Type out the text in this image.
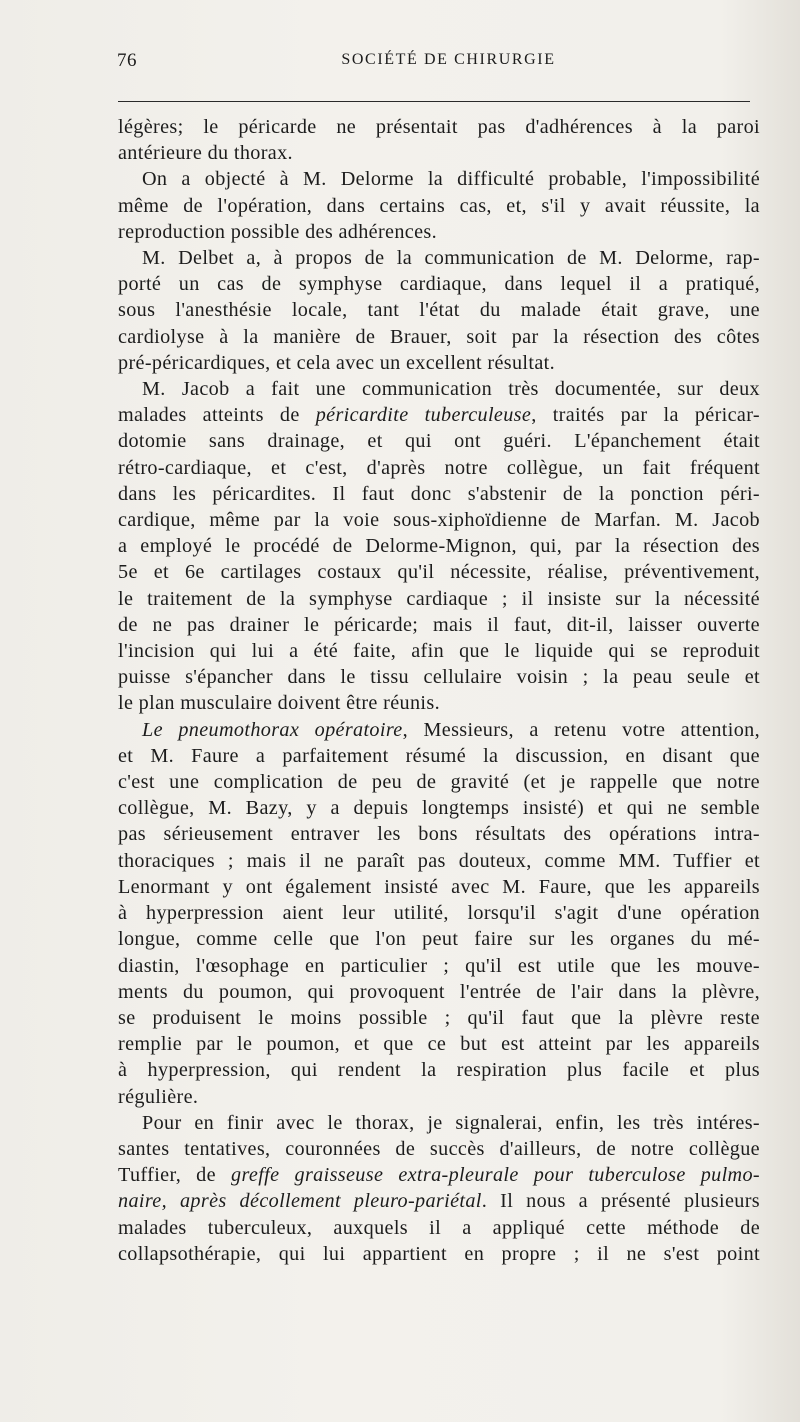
76	SOCIÉTÉ DE CHIRURGIE
légères; le péricarde ne présentait pas d'adhérences à la paroi
antérieure du thorax.
On a objecté à M. Delorme la difficulté probable, l'impossibilité
même de l'opération, dans certains cas, et, s'il y avait réussite, la
reproduction possible des adhérences.
M. Delbet a, à propos de la communication de M. Delorme, rap-
porté un cas de symphyse cardiaque, dans lequel il a pratiqué,
sous l'anesthésie locale, tant l'état du malade était grave, une
cardiolyse à la manière de Brauer, soit par la résection des côtes
pré-péricardiques, et cela avec un excellent résultat.
M. Jacob a fait une communication très documentée, sur deux
malades atteints de péricardite tuberculeuse, traités par la péricar-
dotomie sans drainage, et qui ont guéri. L'épanchement était
rétro-cardiaque, et c'est, d'après notre collègue, un fait fréquent
dans les péricardites. Il faut donc s'abstenir de la ponction péri-
cardique, même par la voie sous-xiphoïdienne de Marfan. M. Jacob
a employé le procédé de Delorme-Mignon, qui, par la résection des
5e et 6e cartilages costaux qu'il nécessite, réalise, préventivement,
le traitement de la symphyse cardiaque ; il insiste sur la nécessité
de ne pas drainer le péricarde; mais il faut, dit-il, laisser ouverte
l'incision qui lui a été faite, afin que le liquide qui se reproduit
puisse s'épancher dans le tissu cellulaire voisin ; la peau seule et
le plan musculaire doivent être réunis.
Le pneumothorax opératoire, Messieurs, a retenu votre attention,
et M. Faure a parfaitement résumé la discussion, en disant que
c'est une complication de peu de gravité (et je rappelle que notre
collègue, M. Bazy, y a depuis longtemps insisté) et qui ne semble
pas sérieusement entraver les bons résultats des opérations intra-
thoraciques ; mais il ne paraît pas douteux, comme MM. Tuffier et
Lenormant y ont également insisté avec M. Faure, que les appareils
à hyperpression aient leur utilité, lorsqu'il s'agit d'une opération
longue, comme celle que l'on peut faire sur les organes du mé-
diastin, l'œsophage en particulier ; qu'il est utile que les mouve-
ments du poumon, qui provoquent l'entrée de l'air dans la plèvre,
se produisent le moins possible ; qu'il faut que la plèvre reste
remplie par le poumon, et que ce but est atteint par les appareils
à hyperpression, qui rendent la respiration plus facile et plus
régulière.
Pour en finir avec le thorax, je signalerai, enfin, les très intéres-
santes tentatives, couronnées de succès d'ailleurs, de notre collègue
Tuffier, de greffe graisseuse extra-pleurale pour tuberculose pulmo-
naire, après décollement pleuro-pariétal. Il nous a présenté plusieurs
malades tuberculeux, auxquels il a appliqué cette méthode de
collapsothérapie, qui lui appartient en propre ; il ne s'est point
